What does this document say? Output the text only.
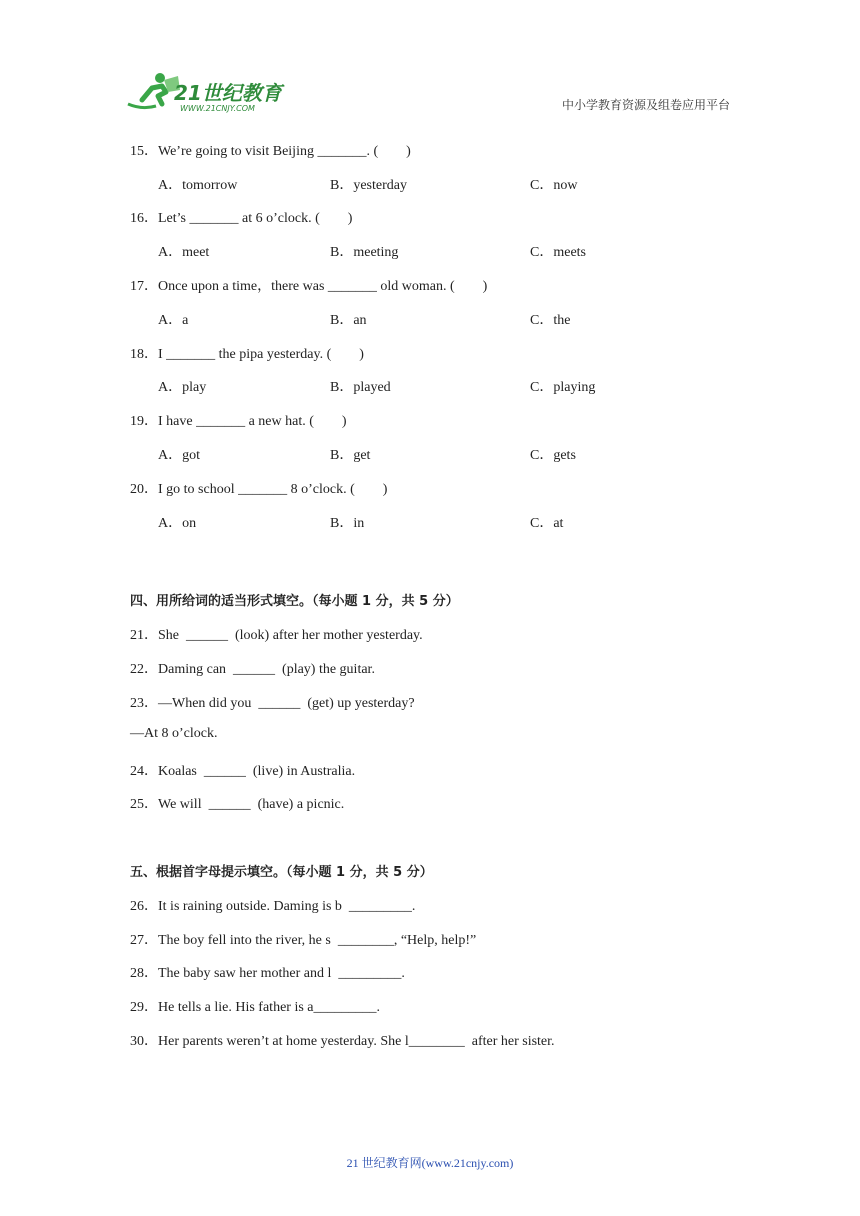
21世纪教育
WWW.21CNJY.COM	中小学教育资源及组卷应用平台
15．We’re going to visit Beijing _______. (        )
A．tomorrow	B．yesterday	C．now
16．Let’s _______ at 6 o’clock. (        )
A．meet	B．meeting	C．meets
17．Once upon a time，there was _______ old woman. (        )
A．a	B．an	C．the
18．I _______ the pipa yesterday. (        )
A．play	B．played	C．playing
19．I have _______ a new hat. (        )
A．got	B．get	C．gets
20．I go to school _______ 8 o’clock. (        )
A．on	B．in	C．at
四、用所给词的适当形式填空。（每小题 1 分，共 5 分）
21．She  ______  (look) after her mother yesterday.
22．Daming can  ______  (play) the guitar.
23．—When did you  ______  (get) up yesterday?
—At 8 o’clock.
24．Koalas  ______  (live) in Australia.
25．We will  ______  (have) a picnic.
五、根据首字母提示填空。（每小题 1 分，共 5 分）
26．It is raining outside. Daming is b  _________.
27．The boy fell into the river, he s  ________, “Help, help!”
28．The baby saw her mother and l  _________.
29．He tells a lie. His father is a_________.
30．Her parents weren’t at home yesterday. She l________  after her sister.
21 世纪教育网(www.21cnjy.com)
